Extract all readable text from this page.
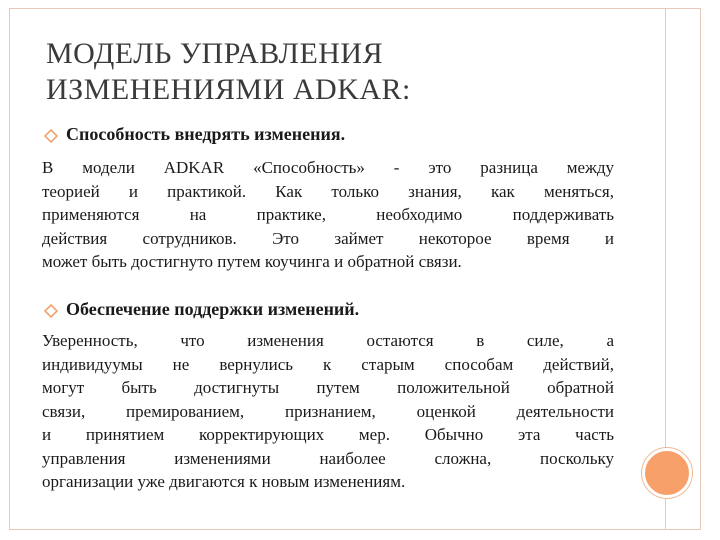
МОДЕЛЬ УПРАВЛЕНИЯ
ИЗМЕНЕНИЯМИ ADKAR:
Способность внедрять изменения.
В модели ADKAR «Способность» - это разница между
теорией и практикой. Как только знания, как меняться,
применяются на практике, необходимо поддерживать
действия сотрудников. Это займет некоторое время и
может быть достигнуто путем коучинга и обратной связи.
Обеспечение поддержки изменений.
Уверенность, что изменения остаются в силе, а
индивидуумы не вернулись к старым способам действий,
могут быть достигнуты путем положительной обратной
связи, премированием, признанием, оценкой деятельности
и принятием корректирующих мер. Обычно эта часть
управления изменениями наиболее сложна, поскольку
организации уже двигаются к новым изменениям.
